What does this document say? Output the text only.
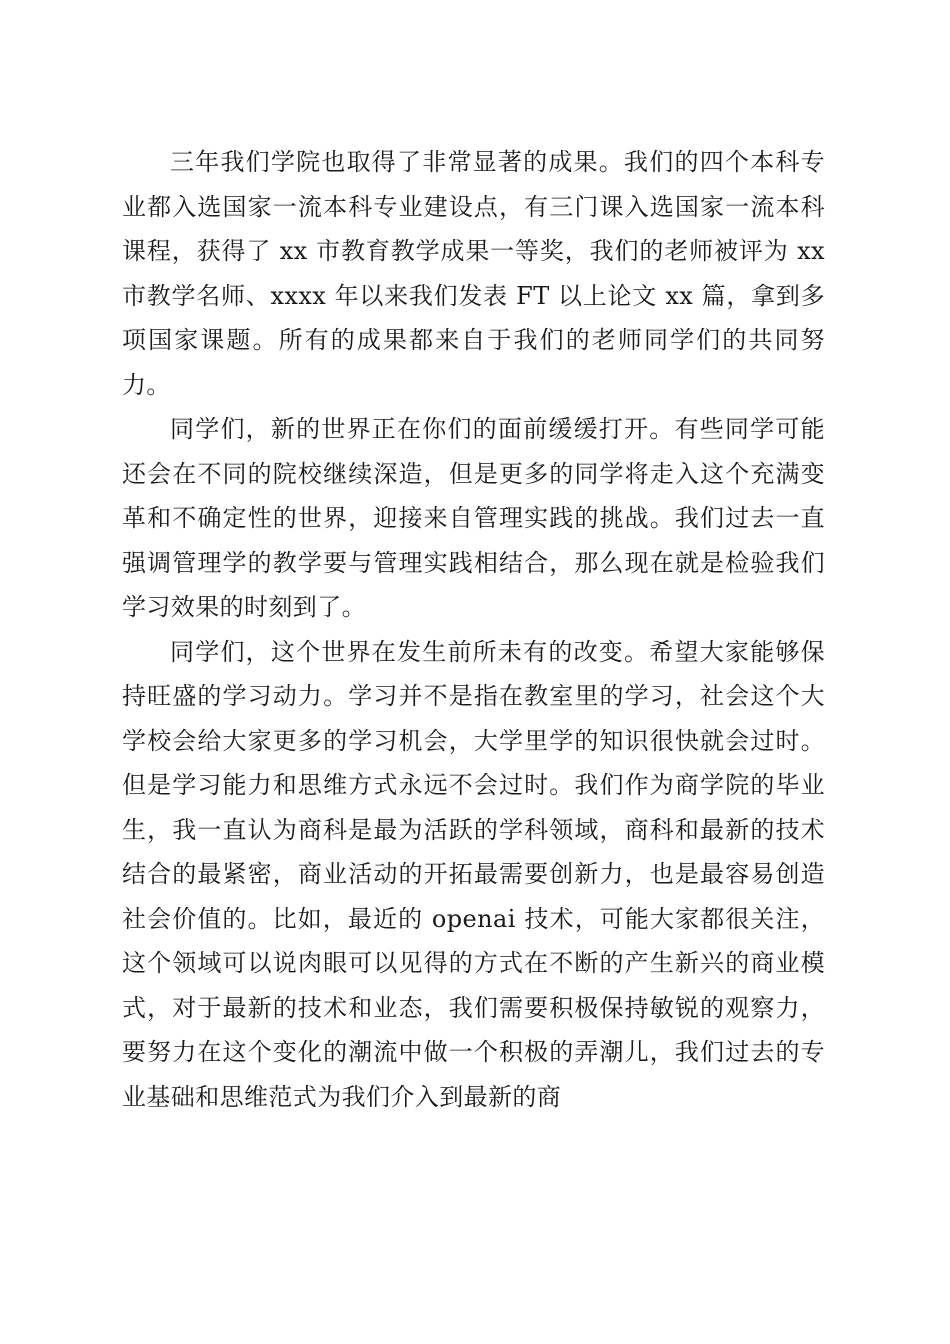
三年我们学院也取得了非常显著的成果。我们的四个本科专业都入选国家一流本科专业建设点，有三门课入选国家一流本科课程，获得了 xx 市教育教学成果一等奖，我们的老师被评为 xx 市教学名师、xxxx 年以来我们发表 FT 以上论文 xx 篇，拿到多项国家课题。所有的成果都来自于我们的老师同学们的共同努力。

同学们，新的世界正在你们的面前缓缓打开。有些同学可能还会在不同的院校继续深造，但是更多的同学将走入这个充满变革和不确定性的世界，迎接来自管理实践的挑战。我们过去一直强调管理学的教学要与管理实践相结合，那么现在就是检验我们学习效果的时刻到了。

同学们，这个世界在发生前所未有的改变。希望大家能够保持旺盛的学习动力。学习并不是指在教室里的学习，社会这个大学校会给大家更多的学习机会，大学里学的知识很快就会过时。但是学习能力和思维方式永远不会过时。我们作为商学院的毕业生，我一直认为商科是最为活跃的学科领域，商科和最新的技术结合的最紧密，商业活动的开拓最需要创新力，也是最容易创造社会价值的。比如，最近的 openai 技术，可能大家都很关注，这个领域可以说肉眼可以见得的方式在不断的产生新兴的商业模式，对于最新的技术和业态，我们需要积极保持敏锐的观察力，要努力在这个变化的潮流中做一个积极的弄潮儿，我们过去的专业基础和思维范式为我们介入到最新的商
